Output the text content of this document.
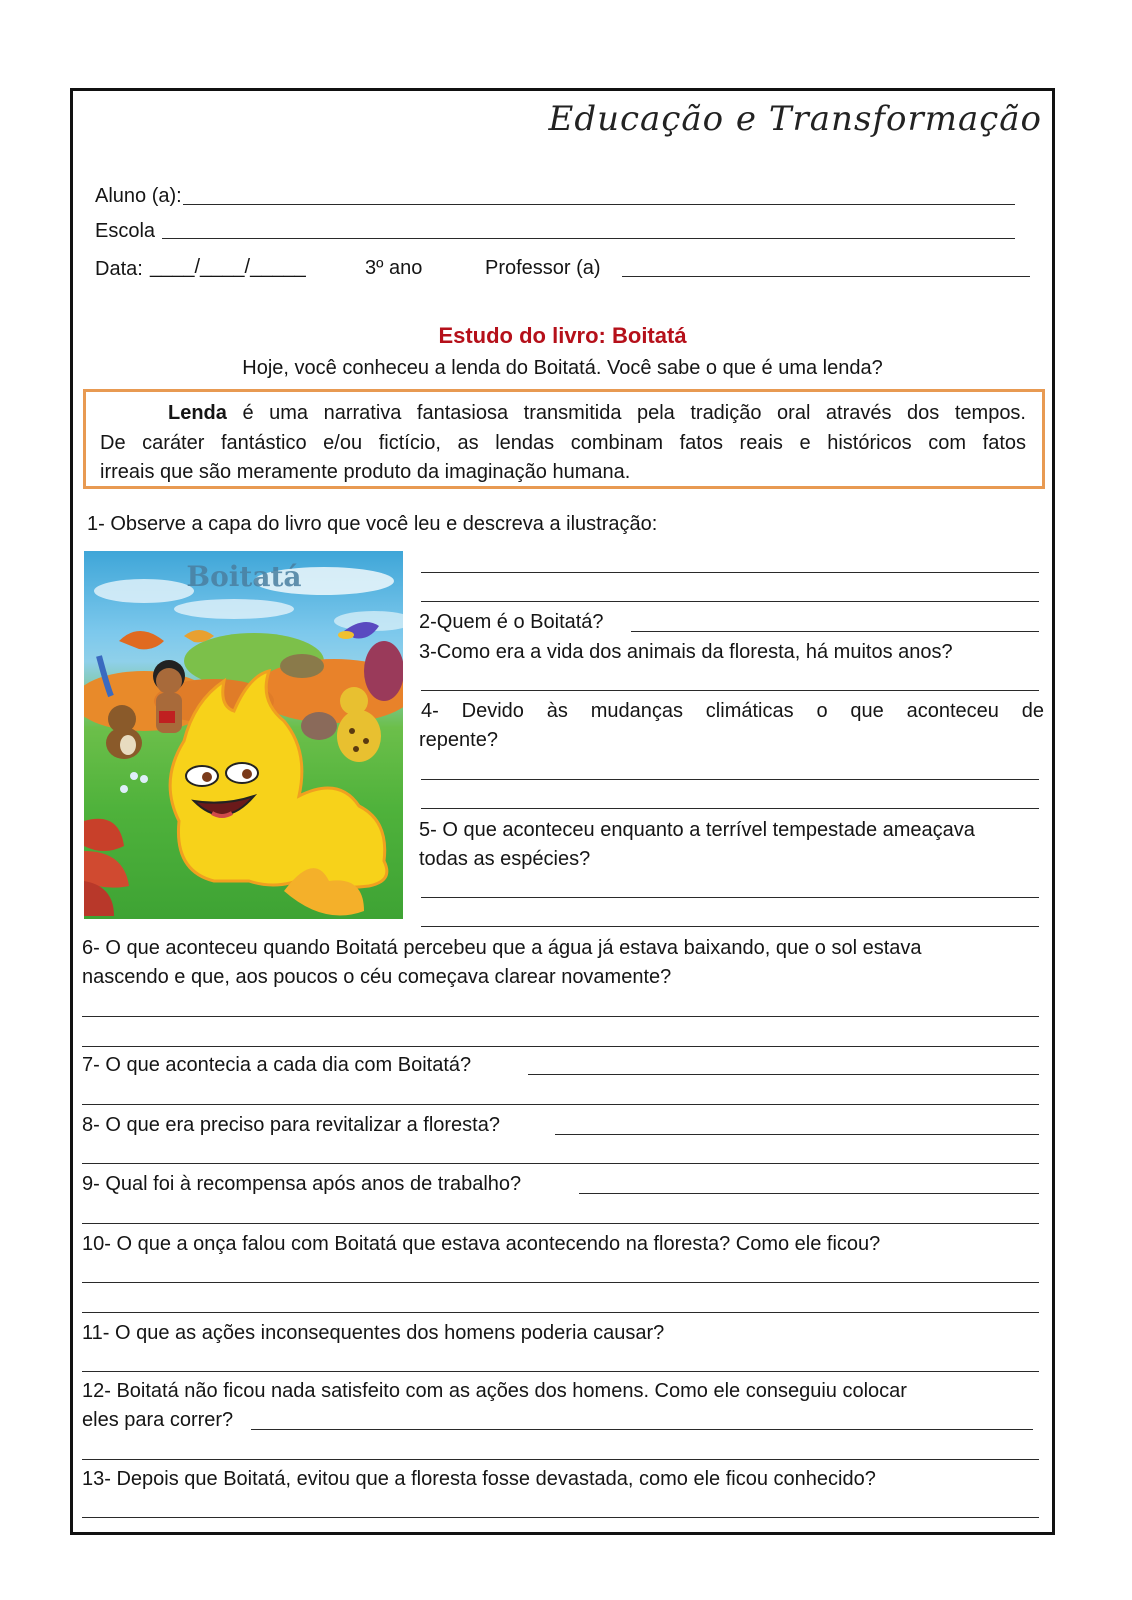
Educação e Transformação
Aluno (a):
Escola
Data: ____/____/_____	3º ano	Professor (a)
Estudo do livro: Boitatá
Hoje, você conheceu a lenda do Boitatá. Você sabe o que é uma lenda?
Lenda é uma narrativa fantasiosa transmitida pela tradição oral através dos tempos.
De caráter fantástico e/ou fictício, as lendas combinam fatos reais e históricos com fatos
irreais que são meramente produto da imaginação humana.
1- Observe a capa do livro que você leu e descreva a ilustração:
Boitatá
2-Quem é o Boitatá?
3-Como era a vida dos animais da floresta, há muitos anos?
4- Devido às mudanças climáticas o que aconteceu de
repente?
5- O que aconteceu enquanto a terrível tempestade ameaçava
todas as espécies?
6- O que aconteceu quando Boitatá percebeu que a água já estava baixando, que o sol estava
nascendo e que, aos poucos o céu começava clarear novamente?
7- O que acontecia a cada dia com Boitatá?
8- O que era preciso para revitalizar a floresta?
9- Qual foi à recompensa após anos de trabalho?
10- O que a onça falou com Boitatá que estava acontecendo na floresta? Como ele ficou?
11- O que as ações inconsequentes dos homens poderia causar?
12- Boitatá não ficou nada satisfeito com as ações dos homens. Como ele conseguiu colocar
eles para correr?
13- Depois que Boitatá, evitou que a floresta fosse devastada, como ele ficou conhecido?
